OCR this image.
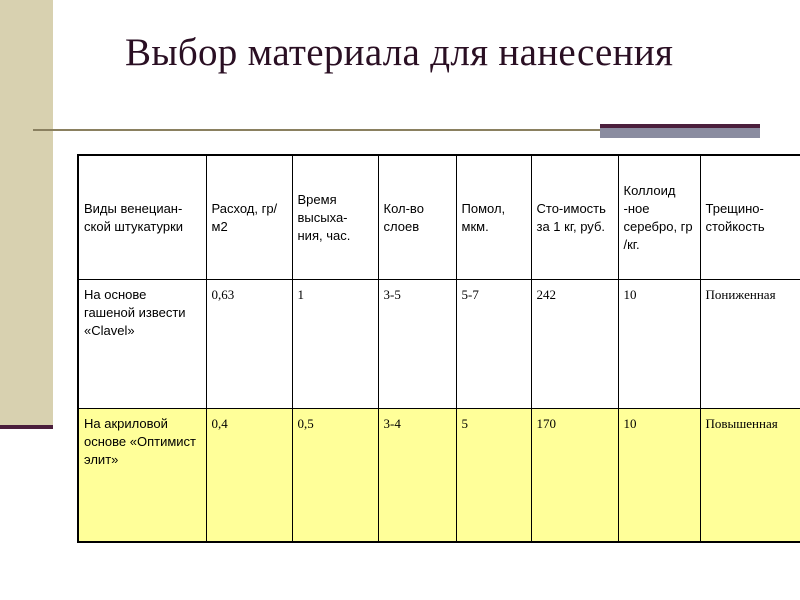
Выбор материала для нанесения
Виды венециан-ской штукатурки	Расход, гр/м2	Время высыха-ния, час.	Кол-во слоев	Помол, мкм.	Сто-имость за 1 кг, руб.	Коллоид -ное серебро, гр /кг.	Трещино-стойкость
На основе гашеной извести «Clavel»	0,63	1	3-5	5-7	242	10	Пониженная
На акриловой основе «Оптимист элит»	0,4	0,5	3-4	5	170	10	Повышенная
